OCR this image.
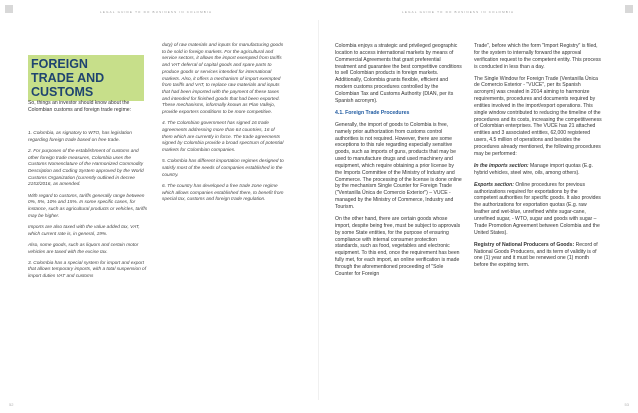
LEGAL GUIDE TO DO BUSINESS IN COLOMBIA	LEGAL GUIDE TO DO BUSINESS IN COLOMBIA
FOREIGN
TRADE AND
CUSTOMS
So, things an investor should know about the Colombian customs and foreign trade regime:

1. Colombia, as signatory to WTO, has legislation regarding foreign trade based on free trade.

2. For purposes of the establishment of customs and other foreign trade measures, Colombia uses the Customs Nomenclature of the Harmonized Commodity Description and Coding System approved by the World Customs Organization (currently outlined in decree 2153/2016, as amended.

With regard to customs, tariffs generally range between 0%, 5%, 10% and 15%. In some specific cases, for instance, such as agricultural products or vehicles, tariffs may be higher.

Imports are also taxed with the value added tax, VAT, which current rate is, in general, 19%.

Also, some goods, such as liquors and certain motor vehicles are taxed with the excise tax.

3. Colombia has a special system for import and export that allows temporary imports, with a total suspension of import duties VAT and customs

duty) of raw materials and inputs for manufacturing goods to be sold in foreign markets. For the agricultural and service sectors, it allows the import exempted from tariffs and VAT deferral of capital goods and spare parts to produce goods or services intended for international markets. Also, it offers a mechanism of import exempted from tariffs and VAT, to replace raw materials and inputs that had been imported with the payment of these taxes and intended for finished goods that had been exported. These mechanisms, informally known as Plan Vallejo, provide exporters conditions to be more competitive.

4. The Colombian government has signed 16 trade agreements addressing more than 64 countries, 16 of them which are currently in force. The trade agreements signed by Colombia provide a broad spectrum of potential markets for Colombian companies.

5. Colombia has different importation regimes designed to satisfy most of the needs of companies established in the country.

6. The country has developed a free trade zone regime which allows companies established there, to benefit from special tax, customs and foreign trade regulation.

Colombia enjoys a strategic and privileged geographic location to access international markets by means of Commercial Agreements that grant preferential treatment and guarantee the best competitive conditions to sell Colombian products in foreign markets. Additionally, Colombia grants flexible, efficient and modern customs procedures controlled by the Colombian Tax and Customs Authority (DIAN, per its Spanish acronym).

4.1. Foreign Trade Procedures

Generally, the import of goods to Colombia is free, namely prior authorization from customs control authorities is not required. However, there are some exceptions to this rule regarding especially sensitive goods, such as imports of guns, products that may be used to manufacture drugs and used machinery and equipment, which require obtaining a prior license by the Imports Committee of the Ministry of Industry and Commerce. The processing of the license is done online by the mechanism Single Counter for Foreign Trade ("Ventanilla Única de Comercio Exterior") – VUCE - managed by the Ministry of Commerce, Industry and Tourism.

On the other hand, there are certain goods whose import, despite being free, must be subject to approvals by some State entities, for the purpose of ensuring compliance with internal consumer protection standards, such as food, vegetables and electronic equipment. To this end, once the requirement has been fully met, for each import, an online verification is made through the aforementioned proceeding of "Sole Counter for Foreign

Trade", before which the form "Import Registry" is filed, for the system to internally forward the approval verification request to the competent entity. This process is conducted in less than a day.

The Single Window for Foreign Trade (Ventanilla Única de Comercio Exterior - "VUCE", per its Spanish acronym) was created in 2014 aiming to harmonize requirements, procedures and documents required by entities involved in the import/export operations. This single window contributed to reducing the timeline of the procedures and its costs, increasing the competitiveness of Colombian enterprises. The VUCE has 21 attached entities and 3 associated entities, 62,000 registered users, 4.5 million of operations and besides the procedures already mentioned, the following procedures may be performed:

In the imports section: Manage import quotas (E.g. hybrid vehicles, steel wire, oils, among others).

Exports section: Online procedures for previous authorizations required for exportations by the competent authorities for specific goods. It also provides the authorizations for exportation quotas (E.g. raw leather and wet-blue, unrefined white sugar-cane, unrefined sugar, - WTO, sugar and goods with sugar – Trade Promotion Agreement between Colombia and the United States).

Registry of National Producers of Goods: Record of National Goods Producers, and its term of validity is of one (1) year and it must be renewed one (1) month before the expiring term.

52	53
